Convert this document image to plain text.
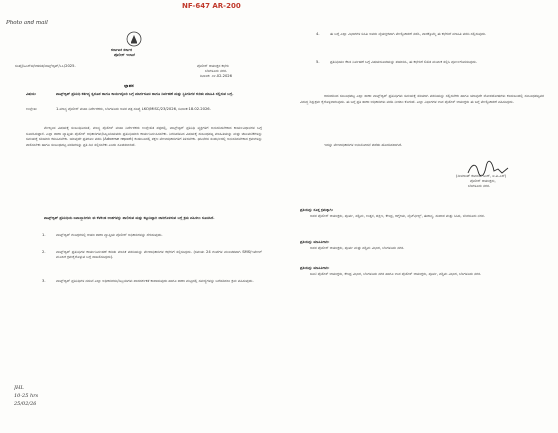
Photo and mail
NF-647 AR-200
JHL
10-25 hrs
25/02/26
ಕರ್ನಾಟಕ ಸರ್ಕಾರ
ಪೊಲೀಸ್ ಇಲಾಖೆ
ಸಂಖ್ಯೆ/ಸಿಎಸ್‌ಬಿ/ಆಡಳಿತ/ವಾಟ್ಸ್ಆ್ಯಪ್/೬೭/2025.	ಪೊಲೀಸ್ ಆಯುಕ್ತರ ಕಛೇರಿ
ಬೆಂಗಳೂರು ನಗರ.
ದಿನಾಂಕ: ೨೪.02.2026
ಜ್ಞಾಪನ
ವಿಷಯ:	ವಾಟ್ಸ್ಆ್ಯಪ್ ಪ್ರತಿನಿಧಿ ಕರ್ತವ್ಯ ಸ್ವರೂಪ ಹಾಗೂ ಕಾರ್ಯವೈಖರಿ ಬಗ್ಗೆ ಮಾರ್ಗಸೂಚಿ ಹಾಗೂ ನಿರ್ವಹಣೆ ಮತ್ತು ಸ್ಥಿತಿಗತಿಗಳ ಕುರಿತು ಮಾಹಿತಿ ಸಲ್ಲಿಸುವ ಬಗ್ಗೆ.
ಉಲ್ಲೇಖ:	1.ಮಾನ್ಯ ಪೊಲೀಸ್ ಮಹಾ ನಿರ್ದೇಶಕರು, ಬೆಂಗಳೂರು ಅವರ ಪತ್ರ ಸಂಖ್ಯೆ LKO/MISC/23/2026, ದಿನಾಂಕ:18.02.2026.
ಮೇಲ್ಕಂಡ ವಿಷಯಕ್ಕೆ ಸಂಬಂಧಿಸಿದಂತೆ, ಮಾನ್ಯ ಪೊಲೀಸ್ ಮಹಾ ನಿರ್ದೇಶಕರು ಉಲ್ಲೇಖಿತ ಪತ್ರದಲ್ಲಿ, ವಾಟ್ಸ್ಆ್ಯಪ್ ಪ್ರತಿನಿಧಿ ವ್ಯಕ್ತಿಗಳಿಗೆ ಅನುಸರಿಸಬೇಕಾದ ಕಾರ್ಯವಿಧಾನಗಳ ಬಗ್ಗೆ ಸೂಚಿಸಿರುತ್ತಾರೆ. ಎಲ್ಲಾ ಠಾಣಾ ವ್ಯಾಪ್ತಿಯ ಪೊಲೀಸ್ ಅಧಿಕಾರಿಗಳು/ಸಿಬ್ಬಂದಿಯವರು ಪ್ರತಿನಿಧಿಯಾಗಿ ಕಾರ್ಯನಿರ್ವಹಿಸಬೇಕು. ನಿಗದಿಪಡಿಸಿದ ವಿಷಯಕ್ಕೆ ಸಂಬಂಧಪಟ್ಟ ಮಾಹಿತಿಯನ್ನು ಮತ್ತು ಚಟುವಟಿಕೆಗಳನ್ನು ಸಮಯಕ್ಕೆ ಸರಿಯಾಗಿ ಕಳುಹಿಸಬೇಕು. ಯಾವುದೇ ಪ್ರತಿಕೂಲ ವರದಿ (Adverse report) ಕಂಡುಬಂದಲ್ಲಿ ತಕ್ಷಣ ಮೇಲಾಧಿಕಾರಿಗಳಿಗೆ ತಿಳಿಸಬೇಕು. ಘಟನೆಗಳ ಸಂದರ್ಭದಲ್ಲಿ ಅನುಸರಿಸಬೇಕಾದ ಕ್ರಮಗಳನ್ನು ಪಾಲಿಸಬೇಕು ಹಾಗೂ ಸಂಬಂಧಪಟ್ಟ ವರದಿಗಳನ್ನು ಪ್ರತಿ ದಿನ ಸಲ್ಲಿಸಬೇಕು ಎಂದು ಸೂಚಿಸಲಾಗಿದೆ.
ವಾಟ್ಸ್ಆ್ಯಪ್ ಪ್ರತಿನಿಧಿಯ ಜವಾಬ್ದಾರಿಗಳು ಈ ಕೆಳಕಂಡ ಅಂಶಗಳನ್ನು ಪಾಲಿಸುವ ಮತ್ತು ಕಟ್ಟುನಿಟ್ಟಾಗಿ ಜಾರಿಗೊಳಿಸುವ ಬಗ್ಗೆ ಕ್ರಮ ವಹಿಸಲು ಸೂಚಿಸಿದೆ.
1.	ವಾಟ್ಸ್ಆ್ಯಪ್ ಗುಂಪುಗಳಲ್ಲಿ ಆಯಾ ಠಾಣಾ ವ್ಯಾಪ್ತಿಯ ಪೊಲೀಸ್ ಅಧಿಕಾರಿಗಳನ್ನು ಸೇರಿಸುವುದು.
2.	ವಾಟ್ಸ್ಆ್ಯಪ್ ಪ್ರತಿನಿಧಿಗಳ ಕಾರ್ಯನಿರ್ವಹಣೆ ಕುರಿತು ಮಾಸಿಕ ವರದಿಯನ್ನು ಮೇಲಾಧಿಕಾರಿಗಳ ಕಛೇರಿಗೆ ಸಲ್ಲಿಸುವುದು. (ಸಮಯ 24 ಗಂಟೆಗಳ ಮುಂಚಿತವಾಗಿ SMS/ಇಮೇಲ್ ಮೂಲಕ ಕ್ರಮಕೈಗೊಳ್ಳುವ ಬಗ್ಗೆ ದಾಖಲಿಸುವುದು).
3.	ವಾಟ್ಸ್ಆ್ಯಪ್ ಪ್ರತಿನಿಧಿಗಳ ನಡುವೆ ಎಲ್ಲಾ ಅಧಿಕಾರಿಗಳು/ಸಿಬ್ಬಂದಿಗಳು ಪಾರದರ್ಶಕತೆ ಕಾಪಾಡುವುದು ಹಾಗೂ ಠಾಣಾ ಮಟ್ಟದಲ್ಲಿ ಸಮಸ್ಯೆಗಳನ್ನು ಬಗೆಹರಿಸಲು ಕ್ರಮ ವಹಿಸುವುದು.
4.	ಈ ಬಗ್ಗೆ ಎಲ್ಲಾ ವಿಭಾಗಗಳ ಡಿಸಿಪಿ ಅವರು ವೈಯಕ್ತಿಕವಾಗಿ ಮೇಲ್ವಿಚಾರಣೆ ನಡೆಸಿ, ವಾರಕ್ಕೊಮ್ಮೆ ಈ ಕಛೇರಿಗೆ ಮಾಹಿತಿ ವರದಿ ಸಲ್ಲಿಸುವುದು.
5.	ಪ್ರತಿನಿಧಿಯು ಕೆಲಸ ನಿರ್ವಹಣೆ ಬಗ್ಗೆ ವಿಷಯಸೂಚಿಯನ್ನು ತಯಾರಿಸಿ, ಈ ಕಛೇರಿಗೆ ಲಿಖಿತ ಮೂಲಕ ಸಲ್ಲಿಸಿ ಪೂರ್ಣಗೊಳಿಸುವುದು.
ಆದುದರಿಂದ ಸಂಬಂಧಪಟ್ಟ ಎಲ್ಲಾ ಠಾಣಾ ವಾಟ್ಸ್ಆ್ಯಪ್ ಪ್ರತಿನಿಧಿಗಳು ಸಮಯಕ್ಕೆ ಸರಿಯಾಗಿ ವರದಿಯನ್ನು ಸಲ್ಲಿಸಬೇಕು ಹಾಗೂ ಯಾವುದೇ ಲೋಪದೋಷಗಳು ಕಂಡುಬಂದಲ್ಲಿ ಸಂಬಂಧಪಟ್ಟವರ ವಿರುದ್ಧ ಶಿಸ್ತುಕ್ರಮ ಕೈಗೊಳ್ಳಲಾಗುವುದು. ಈ ಬಗ್ಗೆ ಪ್ರತಿ ಠಾಣಾ ಅಧಿಕಾರಿಗಳು ವರದಿ ನೀಡಲು ಕೋರಿದೆ. ಎಲ್ಲಾ ವಿಭಾಗಗಳ ಉಪ ಪೊಲೀಸ್ ಆಯುಕ್ತರು ಈ ಬಗ್ಗೆ ಮೇಲ್ವಿಚಾರಣೆ ವಹಿಸುವುದು.
ಇದನ್ನು ಮೇಲಾಧಿಕಾರಿಗಳ ಅನುಮೋದನೆ ಪಡೆದು ಹೊರಡಿಸಲಾಗಿದೆ.
(ಸೀಮಾಂತ್ ಕುಮಾರ್ ಸಿಂಗ್, ಐ.ಪಿ.ಎಸ್)
ಪೊಲೀಸ್ ಆಯುಕ್ತರು,
ಬೆಂಗಳೂರು ನಗರ.
ಪ್ರತಿಯನ್ನು ಸೂಕ್ತ ಕ್ರಮಕ್ಕಾಗಿ:
ಅಪರ ಪೊಲೀಸ್ ಆಯುಕ್ತರು, ಪೂರ್ವ, ಪಶ್ಚಿಮ, ಉತ್ತರ, ದಕ್ಷಿಣ, ಕೇಂದ್ರ, ಆಗ್ನೇಯ, ವೈಟ್‌ಫೀಲ್ಡ್, ಈಶಾನ್ಯ, ಸಂಚಾರ ಮತ್ತು ಸಿಸಿಬಿ, ಬೆಂಗಳೂರು ನಗರ.
ಪ್ರತಿಯನ್ನು ಮಾಹಿತಿಗಾಗಿ:
ಅಪರ ಪೊಲೀಸ್ ಆಯುಕ್ತರು, ಪೂರ್ವ ಮತ್ತು ಪಶ್ಚಿಮ ವಿಭಾಗ, ಬೆಂಗಳೂರು ನಗರ.
ಪ್ರತಿಯನ್ನು ಮಾಹಿತಿಗಾಗಿ:
ಜಂಟಿ ಪೊಲೀಸ್ ಆಯುಕ್ತರು, ಕೇಂದ್ರ ವಿಭಾಗ, ಬೆಂಗಳೂರು ನಗರ ಹಾಗೂ ಉಪ ಪೊಲೀಸ್ ಆಯುಕ್ತರು, ಪೂರ್ವ, ಪಶ್ಚಿಮ ವಿಭಾಗ, ಬೆಂಗಳೂರು ನಗರ.
